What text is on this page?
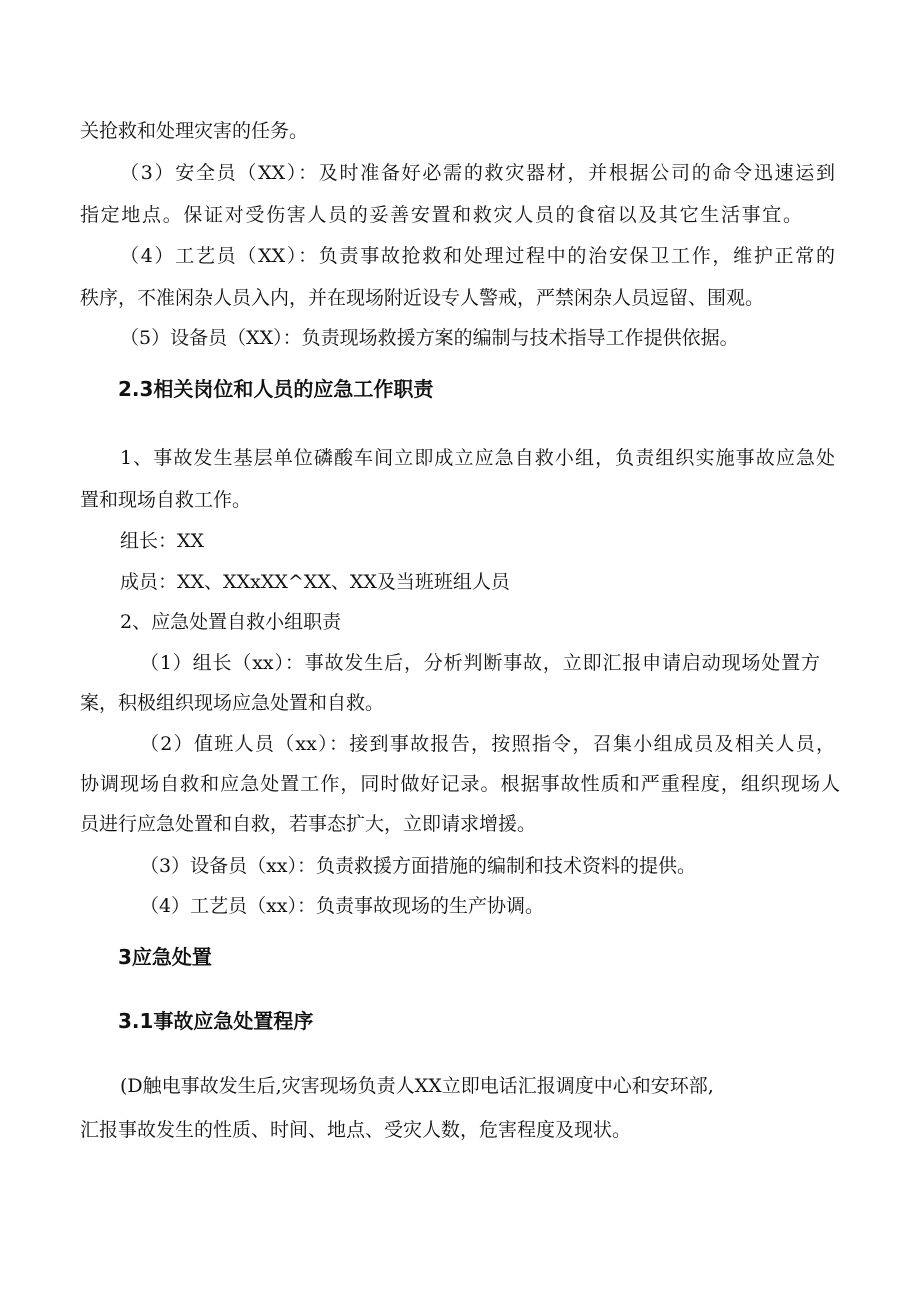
关抢救和处理灾害的任务。
（3）安全员（XX）：及时准备好必需的救灾器材，并根据公司的命令迅速运到
指定地点。保证对受伤害人员的妥善安置和救灾人员的食宿以及其它生活事宜。
（4）工艺员（XX）：负责事故抢救和处理过程中的治安保卫工作，维护正常的
秩序，不准闲杂人员入内，并在现场附近设专人警戒，严禁闲杂人员逗留、围观。
（5）设备员（XX）：负责现场救援方案的编制与技术指导工作提供依据。
2.3相关岗位和人员的应急工作职责
1、事故发生基层单位磷酸车间立即成立应急自救小组，负责组织实施事故应急处
置和现场自救工作。
组长：XX
成员：XX、XXxXX^XX、XX及当班班组人员
2、应急处置自救小组职责
（1）组长（xx）：事故发生后，分析判断事故，立即汇报申请启动现场处置方
案，积极组织现场应急处置和自救。
（2）值班人员（xx）：接到事故报告，按照指令，召集小组成员及相关人员，
协调现场自救和应急处置工作，同时做好记录。根据事故性质和严重程度，组织现场人
员进行应急处置和自救，若事态扩大，立即请求增援。
（3）设备员（xx）：负责救援方面措施的编制和技术资料的提供。
（4）工艺员（xx）：负责事故现场的生产协调。
3应急处置
3.1事故应急处置程序
(D触电事故发生后,灾害现场负责人XX立即电话汇报调度中心和安环部,
汇报事故发生的性质、时间、地点、受灾人数，危害程度及现状。
